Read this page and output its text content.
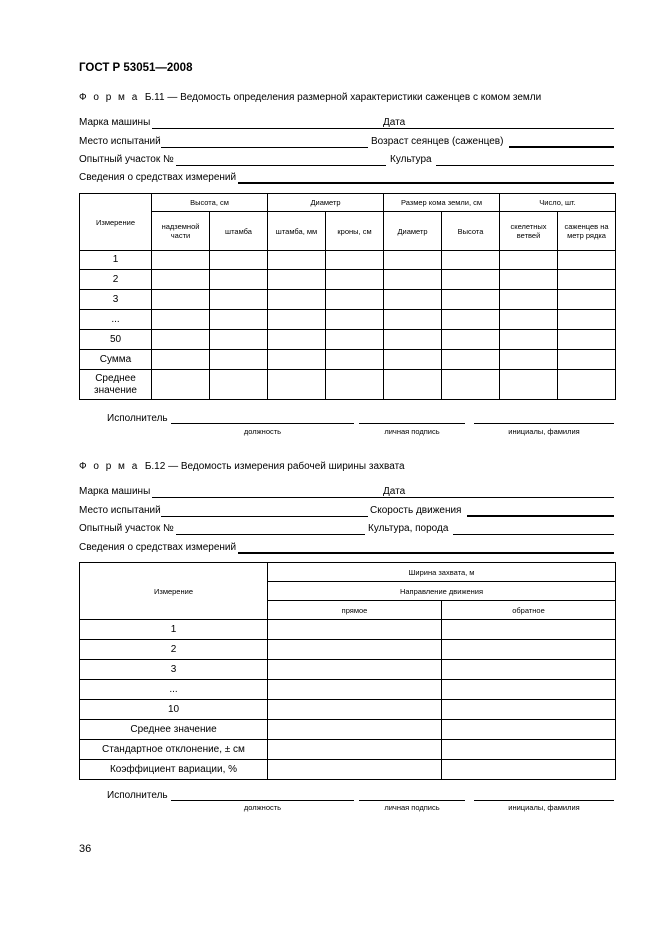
ГОСТ Р 53051—2008
Ф о р м а Б.11 — Ведомость определения размерной характеристики саженцев с комом земли
Марка машины	Дата
Место испытаний	Возраст сеянцев (саженцев)
Опытный участок №	Культура
Сведения о средствах измерений
Измерение	Высота, см		Диаметр		Размер кома земли, см		Число, шт.	
	надземной части	штамба	штамба, мм	кроны, см	Диаметр	Высота	скелетных ветвей	саженцев на метр рядка
1								
2								
3								
...								
50								
Сумма								
Среднее значение								
Исполнитель
должность	личная подпись	инициалы, фамилия
Ф о р м а Б.12 — Ведомость измерения рабочей ширины захвата
Марка машины	Дата
Место испытаний	Скорость движения
Опытный участок №	Культура, порода
Сведения о средствах измерений
Измерение	Ширина захвата, м	
	Направление движения	
	прямое	обратное
1		
2		
3		
...		
10		
Среднее значение		
Стандартное отклонение, ± см		
Коэффициент вариации, %		
Исполнитель
должность	личная подпись	инициалы, фамилия
36
